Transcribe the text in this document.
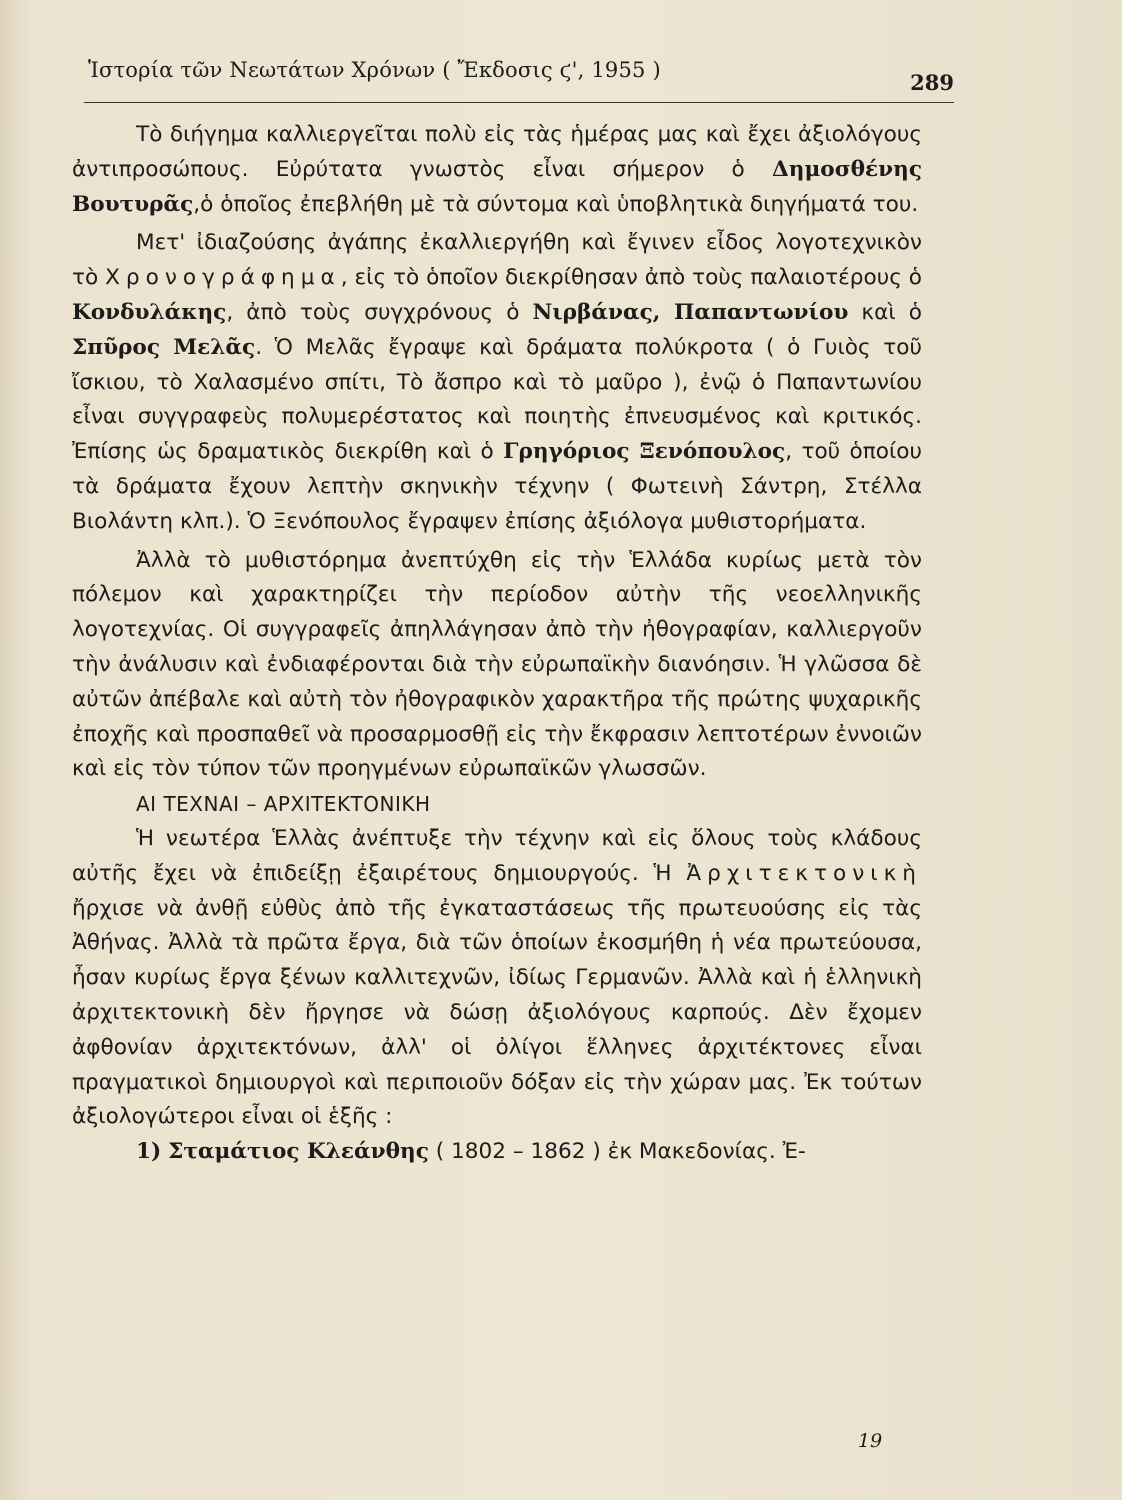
Ἱστορία τῶν Νεωτάτων Χρόνων ( Ἔκδοσις ϛ', 1955 )	289

Τὸ διήγημα καλλιεργεῖται πολὺ εἰς τὰς ἡμέρας μας καὶ ἔχει ἀξιολόγους ἀντιπροσώπους. Εὐρύτατα γνωστὸς εἶναι σήμερον ὁ Δημοσθένης Βουτυρᾶς,ὁ ὁποῖος ἐπεβλήθη μὲ τὰ σύντομα καὶ ὑποβλητικὰ διηγήματά του.

Μετ' ἰδιαζούσης ἀγάπης ἐκαλλιεργήθη καὶ ἔγινεν εἶδος λογοτεχνικὸν τὸ Χρονογράφημα, εἰς τὸ ὁποῖον διεκρίθησαν ἀπὸ τοὺς παλαιοτέρους ὁ Κονδυλάκης, ἀπὸ τοὺς συγχρόνους ὁ Νιρβάνας, Παπαντωνίου καὶ ὁ Σπῦρος Μελᾶς. Ὁ Μελᾶς ἔγραψε καὶ δράματα πολύκροτα ( ὁ Γυιὸς τοῦ ἴσκιου, τὸ Χαλασμένο σπίτι, Τὸ ἄσπρο καὶ τὸ μαῦρο ), ἐνῷ ὁ Παπαντωνίου εἶναι συγγραφεὺς πολυμερέστατος καὶ ποιητὴς ἐπνευσμένος καὶ κριτικός. Ἐπίσης ὡς δραματικὸς διεκρίθη καὶ ὁ Γρηγόριος Ξενόπουλος, τοῦ ὁποίου τὰ δράματα ἔχουν λεπτὴν σκηνικὴν τέχνην ( Φωτεινὴ Σάντρη, Στέλλα Βιολάντη κλπ.). Ὁ Ξενόπουλος ἔγραψεν ἐπίσης ἀξιόλογα μυθιστορήματα.

Ἀλλὰ τὸ μυθιστόρημα ἀνεπτύχθη εἰς τὴν Ἑλλάδα κυρίως μετὰ τὸν πόλεμον καὶ χαρακτηρίζει τὴν περίοδον αὐτὴν τῆς νεοελληνικῆς λογοτεχνίας. Οἱ συγγραφεῖς ἀπηλλάγησαν ἀπὸ τὴν ἠθογραφίαν, καλλιεργοῦν τὴν ἀνάλυσιν καὶ ἐνδιαφέρονται διὰ τὴν εὐρωπαϊκὴν διανόησιν. Ἡ γλῶσσα δὲ αὐτῶν ἀπέβαλε καὶ αὐτὴ τὸν ἠθογραφικὸν χαρακτῆρα τῆς πρώτης ψυχαρικῆς ἐποχῆς καὶ προσπαθεῖ νὰ προσαρμοσθῇ εἰς τὴν ἔκφρασιν λεπτοτέρων ἐννοιῶν καὶ εἰς τὸν τύπον τῶν προηγμένων εὐρωπαϊκῶν γλωσσῶν.

ΑΙ ΤΕΧΝΑΙ – ΑΡΧΙΤΕΚΤΟΝΙΚΗ

Ἡ νεωτέρα Ἑλλὰς ἀνέπτυξε τὴν τέχνην καὶ εἰς ὅλους τοὺς κλάδους αὐτῆς ἔχει νὰ ἐπιδείξῃ ἐξαιρέτους δημιουργούς. Ἡ Ἀρχιτεκτονικὴ ἤρχισε νὰ ἀνθῇ εὐθὺς ἀπὸ τῆς ἐγκαταστάσεως τῆς πρωτευούσης εἰς τὰς Ἀθήνας. Ἀλλὰ τὰ πρῶτα ἔργα, διὰ τῶν ὁποίων ἐκοσμήθη ἡ νέα πρωτεύουσα, ἦσαν κυρίως ἔργα ξένων καλλιτεχνῶν, ἰδίως Γερμανῶν. Ἀλλὰ καὶ ἡ ἑλληνικὴ ἀρχιτεκτονικὴ δὲν ἤργησε νὰ δώσῃ ἀξιολόγους καρπούς. Δὲν ἔχομεν ἀφθονίαν ἀρχιτεκτόνων, ἀλλ' οἱ ὀλίγοι ἕλληνες ἀρχιτέκτονες εἶναι πραγματικοὶ δημιουργοὶ καὶ περιποιοῦν δόξαν εἰς τὴν χώραν μας. Ἐκ τούτων ἀξιολογώτεροι εἶναι οἱ ἑξῆς :

1) Σταμάτιος Κλεάνθης ( 1802 – 1862 ) ἐκ Μακεδονίας. Ἐ-

19
